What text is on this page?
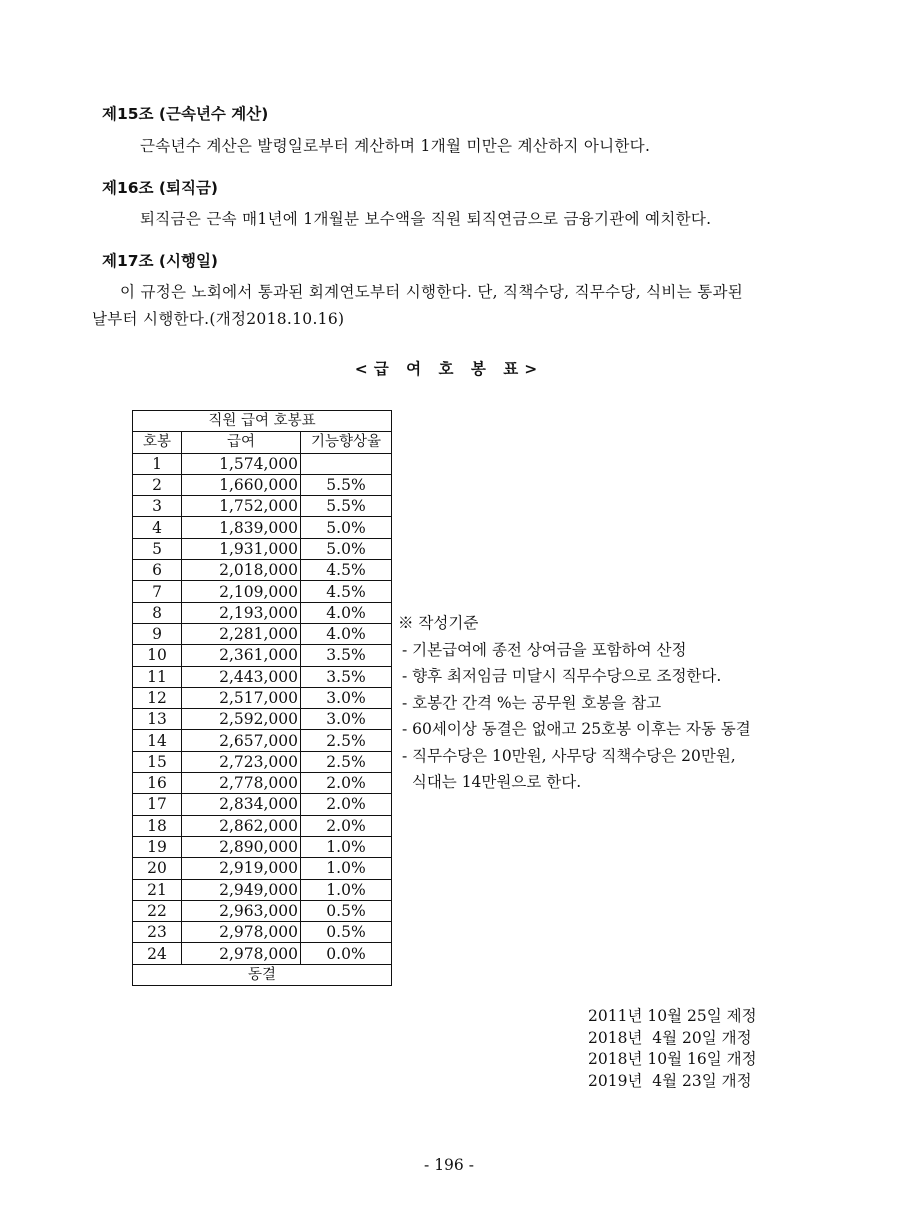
제15조 (근속년수 계산)
근속년수 계산은 발령일로부터 계산하며 1개월 미만은 계산하지 아니한다.
제16조 (퇴직금)
퇴직금은 근속 매1년에 1개월분 보수액을 직원 퇴직연금으로 금융기관에 예치한다.
제17조 (시행일)
이 규정은 노회에서 통과된 회계연도부터 시행한다. 단, 직책수당, 직무수당, 식비는 통과된
날부터 시행한다.(개정2018.10.16)
<급 여 호 봉 표>
직원 급여 호봉표		
호봉	급여	기능향상율
1	1,574,000	
2	1,660,000	5.5%
3	1,752,000	5.5%
4	1,839,000	5.0%
5	1,931,000	5.0%
6	2,018,000	4.5%
7	2,109,000	4.5%
8	2,193,000	4.0%
9	2,281,000	4.0%
10	2,361,000	3.5%
11	2,443,000	3.5%
12	2,517,000	3.0%
13	2,592,000	3.0%
14	2,657,000	2.5%
15	2,723,000	2.5%
16	2,778,000	2.0%
17	2,834,000	2.0%
18	2,862,000	2.0%
19	2,890,000	1.0%
20	2,919,000	1.0%
21	2,949,000	1.0%
22	2,963,000	0.5%
23	2,978,000	0.5%
24	2,978,000	0.0%
동결		
※ 작성기준
- 기본급여에 종전 상여금을 포함하여 산정
- 향후 최저임금 미달시 직무수당으로 조정한다.
- 호봉간 간격 %는 공무원 호봉을 참고
- 60세이상 동결은 없애고 25호봉 이후는 자동 동결
- 직무수당은 10만원, 사무당 직책수당은 20만원,
식대는 14만원으로 한다.
2011년 10월 25일 제정
2018년  4월 20일 개정
2018년 10월 16일 개정
2019년  4월 23일 개정
- 196 -
